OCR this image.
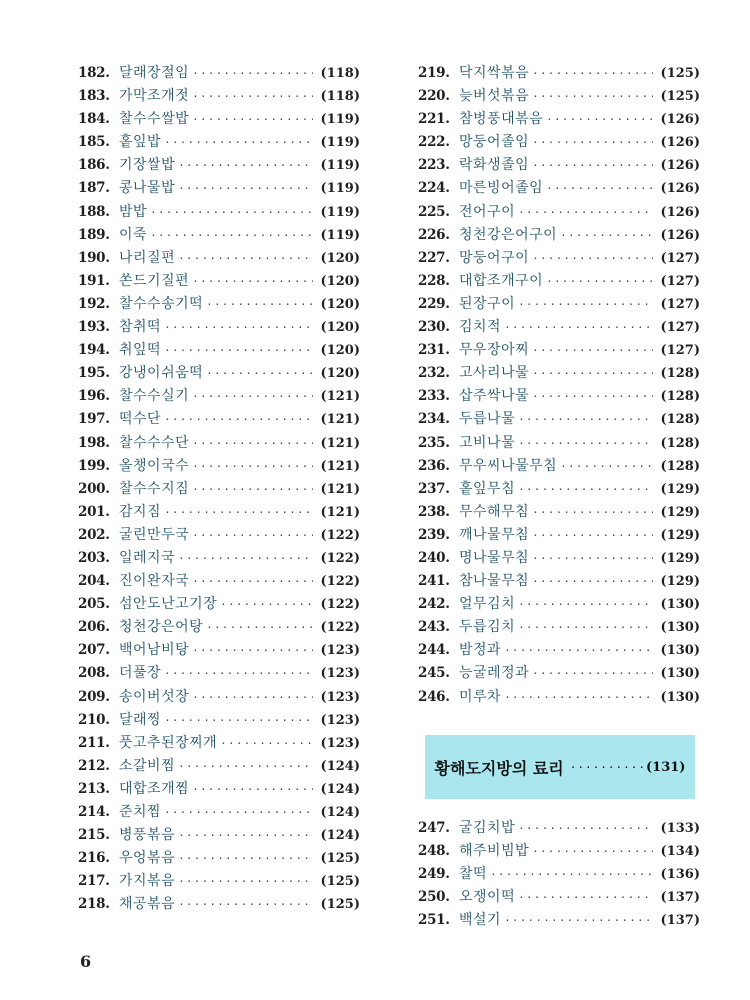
182. 달래장절임 ·····	(118)
183. 가막조개젓 ·····	(118)
184. 찰수수쌀밥 ·····	(119)
185. 홑잎밥 ·····	(119)
186. 기장쌀밥 ·····	(119)
187. 콩나물밥 ·····	(119)
188. 밤밥 ·····	(119)
189. 이죽 ·····	(119)
190. 나리질편 ·····	(120)
191. 쏜드기질편 ·····	(120)
192. 찰수수송기떡 ·····	(120)
193. 참취떡 ·····	(120)
194. 취잎떡 ·····	(120)
195. 강냉이쉬움떡 ·····	(120)
196. 찰수수실기 ·····	(121)
197. 떡수단 ·····	(121)
198. 찰수수수단 ·····	(121)
199. 올챙이국수 ·····	(121)
200. 찰수수지짐 ·····	(121)
201. 감지짐 ·····	(121)
202. 굴린만두국 ·····	(122)
203. 일레지국 ·····	(122)
204. 진이완자국 ·····	(122)
205. 섬안도난고기장 ·····	(122)
206. 청천강은어탕 ·····	(122)
207. 백어남비탕 ·····	(123)
208. 더풀장 ·····	(123)
209. 송이버섯장 ·····	(123)
210. 달래찡 ·····	(123)
211. 풋고추된장찌개 ·····	(123)
212. 소갈비찜 ·····	(124)
213. 대합조개찜 ·····	(124)
214. 준치찜 ·····	(124)
215. 병풍볶음 ·····	(124)
216. 우엉볶음 ·····	(125)
217. 가지볶음 ·····	(125)
218. 채공볶음 ·····	(125)
219. 닥지싹볶음 ·····	(125)
220. 늦버섯볶음 ·····	(125)
221. 참벙풍대볶음 ·····	(126)
222. 망둥어졸임 ·····	(126)
223. 락화생졸임 ·····	(126)
224. 마른빙어졸임 ·····	(126)
225. 전어구이 ·····	(126)
226. 청천강은어구이 ·····	(126)
227. 망둥어구이 ·····	(127)
228. 대합조개구이 ·····	(127)
229. 된장구이 ·····	(127)
230. 김치적 ·····	(127)
231. 무우장아찌 ·····	(127)
232. 고사리나물 ·····	(128)
233. 삽주싹나물 ·····	(128)
234. 두릅나물 ·····	(128)
235. 고비나물 ·····	(128)
236. 무우씨나물무침 ·····	(128)
237. 홑잎무침 ·····	(129)
238. 무수해무침 ·····	(129)
239. 깨나물무침 ·····	(129)
240. 명나물무침 ·····	(129)
241. 참나물무침 ·····	(129)
242. 얼무김치 ·····	(130)
243. 두릅김치 ·····	(130)
244. 밤정과 ·····	(130)
245. 능굴레정과 ·····	(130)
246. 미루차 ·····	(130)
황해도지방의 료리 ·········· (131)
247. 굴김치밥 ·····	(133)
248. 해주비빔밥 ·····	(134)
249. 찰떡 ·····	(136)
250. 오쟁이떡 ·····	(137)
251. 백설기 ·····	(137)
6
